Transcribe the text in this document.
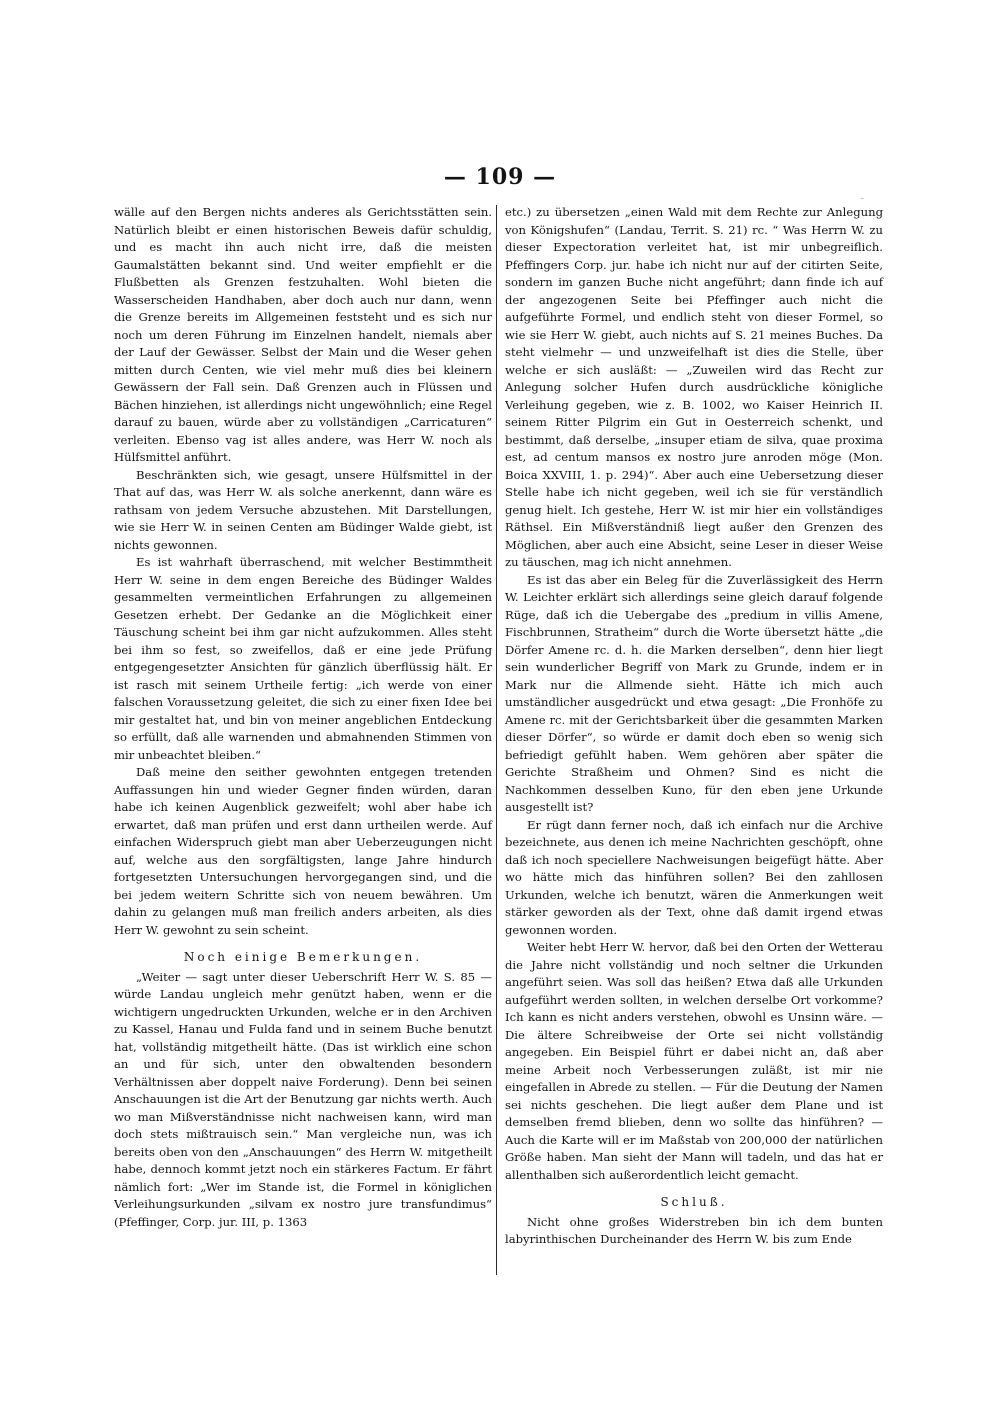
— 109 —
⁻

wälle auf den Bergen nichts anderes als Gerichtsstätten sein. Natürlich bleibt er einen historischen Beweis dafür schuldig, und es macht ihn auch nicht irre, daß die meisten Gaumalstätten bekannt sind. Und weiter empfiehlt er die Flußbetten als Grenzen festzuhalten. Wohl bieten die Wasserscheiden Handhaben, aber doch auch nur dann, wenn die Grenze bereits im Allgemeinen feststeht und es sich nur noch um deren Führung im Einzelnen handelt, niemals aber der Lauf der Gewässer. Selbst der Main und die Weser gehen mitten durch Centen, wie viel mehr muß dies bei kleinern Gewässern der Fall sein. Daß Grenzen auch in Flüssen und Bächen hinziehen, ist allerdings nicht ungewöhnlich; eine Regel darauf zu bauen, würde aber zu vollständigen „Carricaturen“ verleiten. Ebenso vag ist alles andere, was Herr W. noch als Hülfsmittel anführt.

Beschränkten sich, wie gesagt, unsere Hülfsmittel in der That auf das, was Herr W. als solche anerkennt, dann wäre es rathsam von jedem Versuche abzustehen. Mit Darstellungen, wie sie Herr W. in seinen Centen am Büdinger Walde giebt, ist nichts gewonnen.

Es ist wahrhaft überraschend, mit welcher Bestimmtheit Herr W. seine in dem engen Bereiche des Büdinger Waldes gesammelten vermeintlichen Erfahrungen zu allgemeinen Gesetzen erhebt. Der Gedanke an die Möglichkeit einer Täuschung scheint bei ihm gar nicht aufzukommen. Alles steht bei ihm so fest, so zweifellos, daß er eine jede Prüfung entgegengesetzter Ansichten für gänzlich überflüssig hält. Er ist rasch mit seinem Urtheile fertig: „ich werde von einer falschen Voraussetzung geleitet, die sich zu einer fixen Idee bei mir gestaltet hat, und bin von meiner angeblichen Entdeckung so erfüllt, daß alle warnenden und abmahnenden Stimmen von mir unbeachtet bleiben.“

Daß meine den seither gewohnten entgegen tretenden Auffassungen hin und wieder Gegner finden würden, daran habe ich keinen Augenblick gezweifelt; wohl aber habe ich erwartet, daß man prüfen und erst dann urtheilen werde. Auf einfachen Widerspruch giebt man aber Ueberzeugungen nicht auf, welche aus den sorgfältigsten, lange Jahre hindurch fortgesetzten Untersuchungen hervorgegangen sind, und die bei jedem weitern Schritte sich von neuem bewähren. Um dahin zu gelangen muß man freilich anders arbeiten, als dies Herr W. gewohnt zu sein scheint.

Noch einige Bemerkungen.

„Weiter — sagt unter dieser Ueberschrift Herr W. S. 85 — würde Landau ungleich mehr genützt haben, wenn er die wichtigern ungedruckten Urkunden, welche er in den Archiven zu Kassel, Hanau und Fulda fand und in seinem Buche benutzt hat, vollständig mitgetheilt hätte. (Das ist wirklich eine schon an und für sich, unter den obwaltenden besondern Verhältnissen aber doppelt naive Forderung). Denn bei seinen Anschauungen ist die Art der Benutzung gar nichts werth. Auch wo man Mißverständnisse nicht nachweisen kann, wird man doch stets mißtrauisch sein.“ Man vergleiche nun, was ich bereits oben von den „Anschauungen“ des Herrn W. mitgetheilt habe, dennoch kommt jetzt noch ein stärkeres Factum. Er fährt nämlich fort: „Wer im Stande ist, die Formel in königlichen Verleihungsurkunden „silvam ex nostro jure transfundimus“ (Pfeffinger, Corp. jur. III, p. 1363

etc.) zu übersetzen „einen Wald mit dem Rechte zur Anlegung von Königshufen“ (Landau, Territ. S. 21) rc. “ Was Herrn W. zu dieser Expectoration verleitet hat, ist mir unbegreiflich. Pfeffingers Corp. jur. habe ich nicht nur auf der citirten Seite, sondern im ganzen Buche nicht angeführt; dann finde ich auf der angezogenen Seite bei Pfeffinger auch nicht die aufgeführte Formel, und endlich steht von dieser Formel, so wie sie Herr W. giebt, auch nichts auf S. 21 meines Buches. Da steht vielmehr — und unzweifelhaft ist dies die Stelle, über welche er sich ausläßt: — „Zuweilen wird das Recht zur Anlegung solcher Hufen durch ausdrückliche königliche Verleihung gegeben, wie z. B. 1002, wo Kaiser Heinrich II. seinem Ritter Pilgrim ein Gut in Oesterreich schenkt, und bestimmt, daß derselbe, „insuper etiam de silva, quae proxima est, ad centum mansos ex nostro jure anroden möge (Mon. Boica XXVIII, 1. p. 294)“. Aber auch eine Uebersetzung dieser Stelle habe ich nicht gegeben, weil ich sie für verständlich genug hielt. Ich gestehe, Herr W. ist mir hier ein vollständiges Räthsel. Ein Mißverständniß liegt außer den Grenzen des Möglichen, aber auch eine Absicht, seine Leser in dieser Weise zu täuschen, mag ich nicht annehmen.

Es ist das aber ein Beleg für die Zuverlässigkeit des Herrn W. Leichter erklärt sich allerdings seine gleich darauf folgende Rüge, daß ich die Uebergabe des „predium in villis Amene, Fischbrunnen, Stratheim“ durch die Worte übersetzt hätte „die Dörfer Amene rc. d. h. die Marken derselben“, denn hier liegt sein wunderlicher Begriff von Mark zu Grunde, indem er in Mark nur die Allmende sieht. Hätte ich mich auch umständlicher ausgedrückt und etwa gesagt: „Die Fronhöfe zu Amene rc. mit der Gerichtsbarkeit über die gesammten Marken dieser Dörfer“, so würde er damit doch eben so wenig sich befriedigt gefühlt haben. Wem gehören aber später die Gerichte Straßheim und Ohmen? Sind es nicht die Nachkommen desselben Kuno, für den eben jene Urkunde ausgestellt ist?

Er rügt dann ferner noch, daß ich einfach nur die Archive bezeichnete, aus denen ich meine Nachrichten geschöpft, ohne daß ich noch speciellere Nachweisungen beigefügt hätte. Aber wo hätte mich das hinführen sollen? Bei den zahllosen Urkunden, welche ich benutzt, wären die Anmerkungen weit stärker geworden als der Text, ohne daß damit irgend etwas gewonnen worden.

Weiter hebt Herr W. hervor, daß bei den Orten der Wetterau die Jahre nicht vollständig und noch seltner die Urkunden angeführt seien. Was soll das heißen? Etwa daß alle Urkunden aufgeführt werden sollten, in welchen derselbe Ort vorkomme? Ich kann es nicht anders verstehen, obwohl es Unsinn wäre. — Die ältere Schreibweise der Orte sei nicht vollständig angegeben. Ein Beispiel führt er dabei nicht an, daß aber meine Arbeit noch Verbesserungen zuläßt, ist mir nie eingefallen in Abrede zu stellen. — Für die Deutung der Namen sei nichts geschehen. Die liegt außer dem Plane und ist demselben fremd blieben, denn wo sollte das hinführen? — Auch die Karte will er im Maßstab von 200,000 der natürlichen Größe haben. Man sieht der Mann will tadeln, und das hat er allenthalben sich außerordentlich leicht gemacht.

Schluß.

Nicht ohne großes Widerstreben bin ich dem bunten labyrinthischen Durcheinander des Herrn W. bis zum Ende
